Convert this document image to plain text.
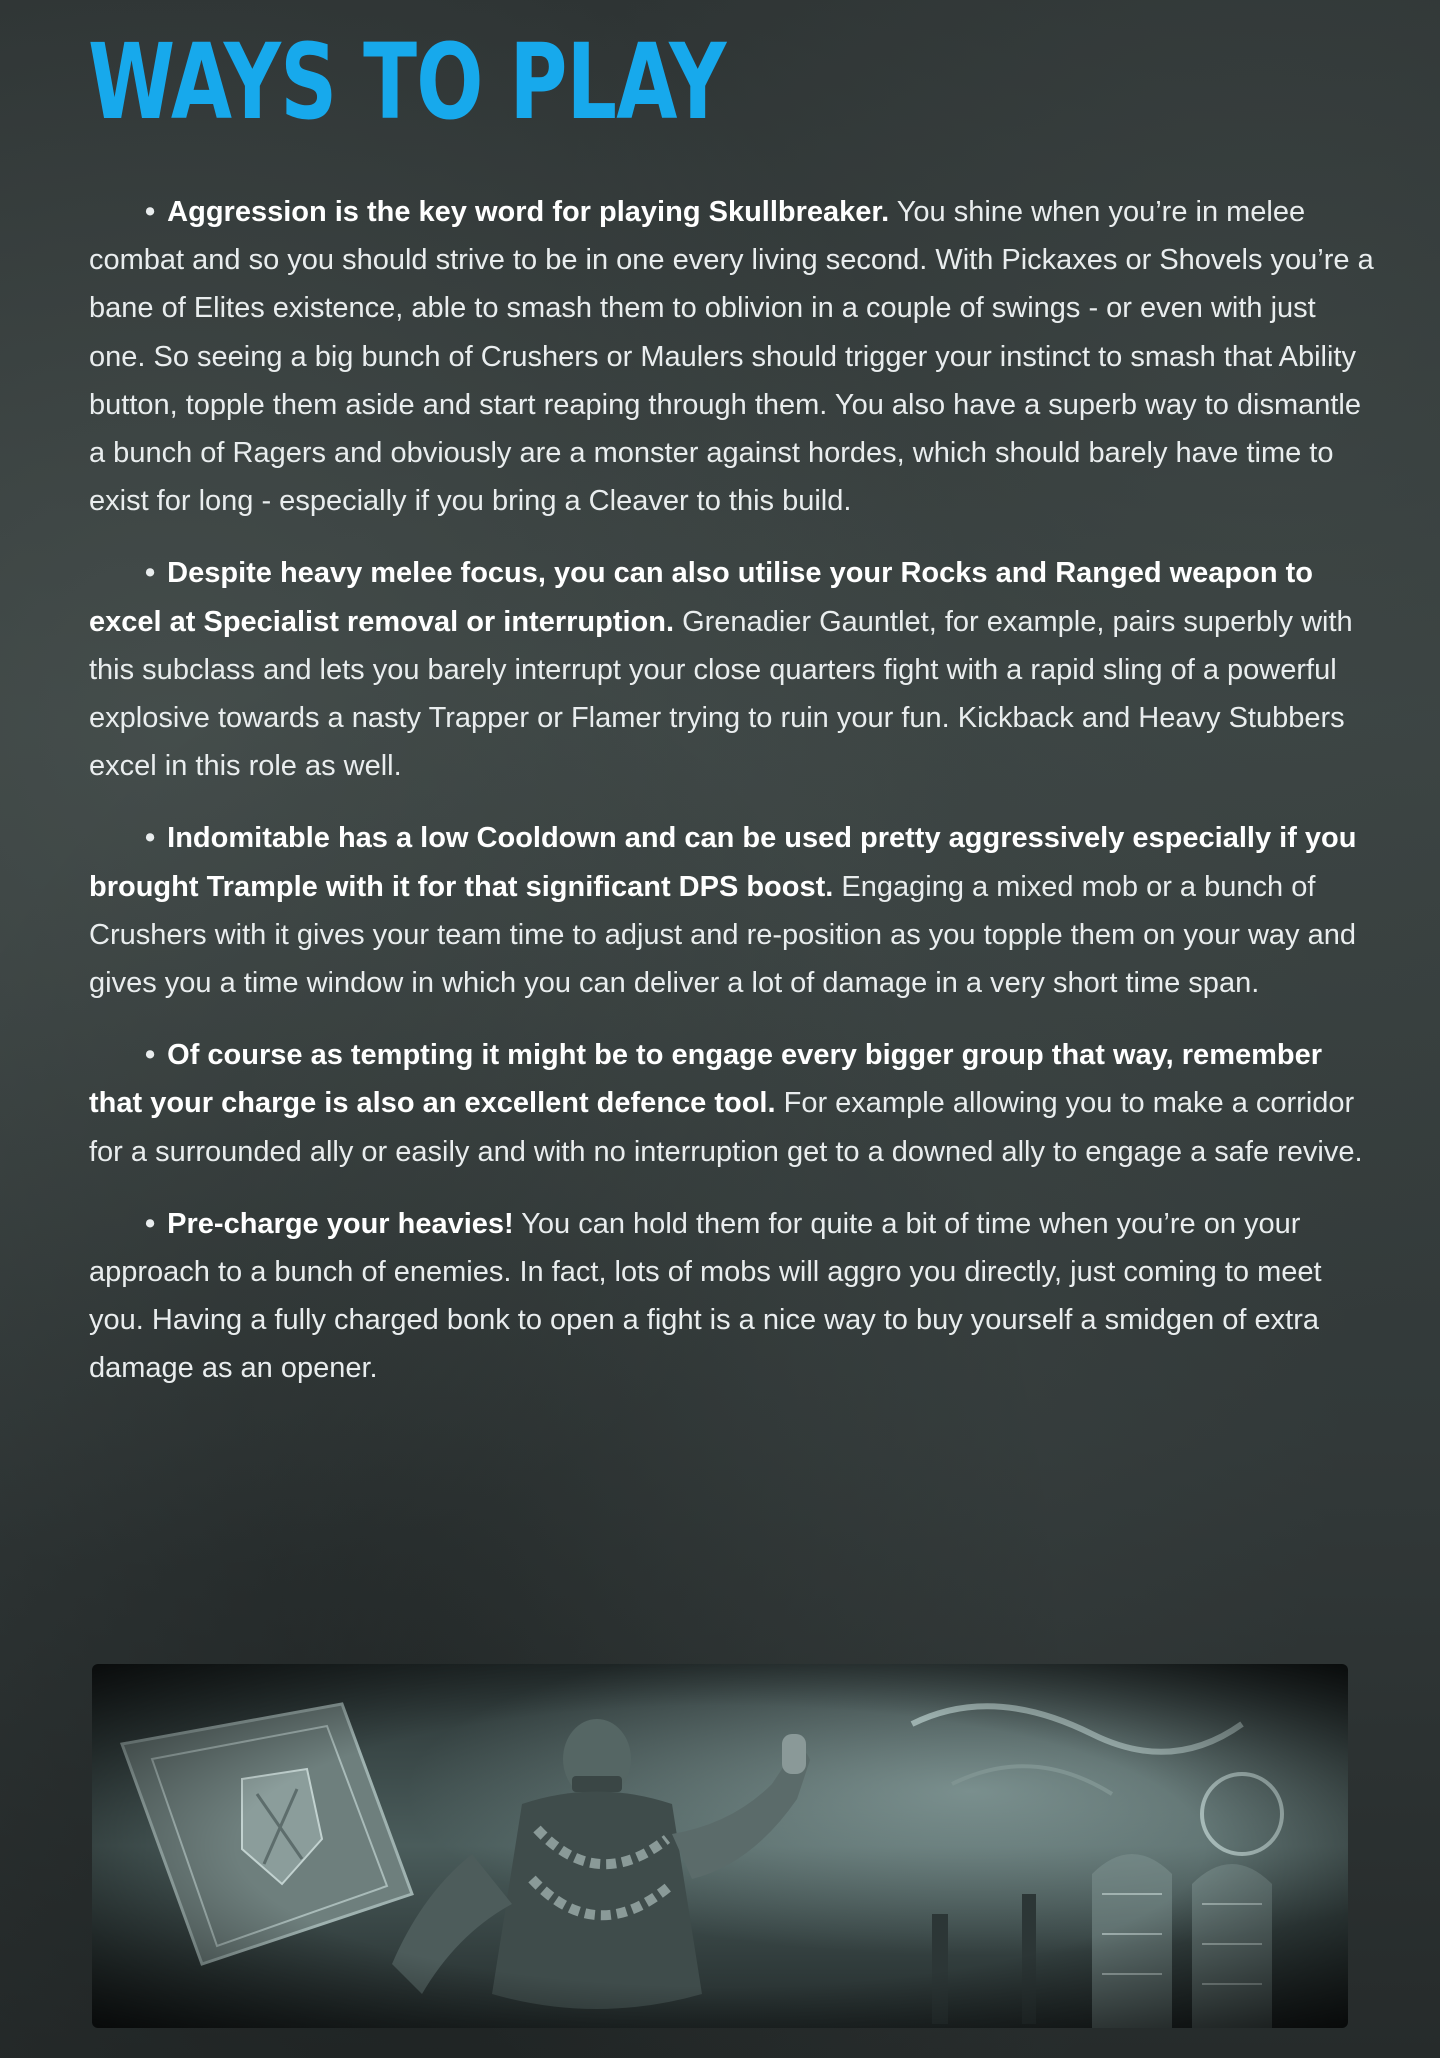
WAYS TO PLAY

• Aggression is the key word for playing Skullbreaker. You shine when you’re in melee combat and so you should strive to be in one every living second. With Pickaxes or Shovels you’re a bane of Elites existence, able to smash them to oblivion in a couple of swings - or even with just one. So seeing a big bunch of Crushers or Maulers should trigger your instinct to smash that Ability button, topple them aside and start reaping through them. You also have a superb way to dismantle a bunch of Ragers and obviously are a monster against hordes, which should barely have time to exist for long - especially if you bring a Cleaver to this build.

• Despite heavy melee focus, you can also utilise your Rocks and Ranged weapon to excel at Specialist removal or interruption. Grenadier Gauntlet, for example, pairs superbly with this subclass and lets you barely interrupt your close quarters fight with a rapid sling of a powerful explosive towards a nasty Trapper or Flamer trying to ruin your fun. Kickback and Heavy Stubbers excel in this role as well.

• Indomitable has a low Cooldown and can be used pretty aggressively especially if you brought Trample with it for that significant DPS boost. Engaging a mixed mob or a bunch of Crushers with it gives your team time to adjust and re-position as you topple them on your way and gives you a time window in which you can deliver a lot of damage in a very short time span.

• Of course as tempting it might be to engage every bigger group that way, remember that your charge is also an excellent defence tool. For example allowing you to make a corridor for a surrounded ally or easily and with no interruption get to a downed ally to engage a safe revive.

• Pre-charge your heavies! You can hold them for quite a bit of time when you’re on your approach to a bunch of enemies. In fact, lots of mobs will aggro you directly, just coming to meet you. Having a fully charged bonk to open a fight is a nice way to buy yourself a smidgen of extra damage as an opener.
